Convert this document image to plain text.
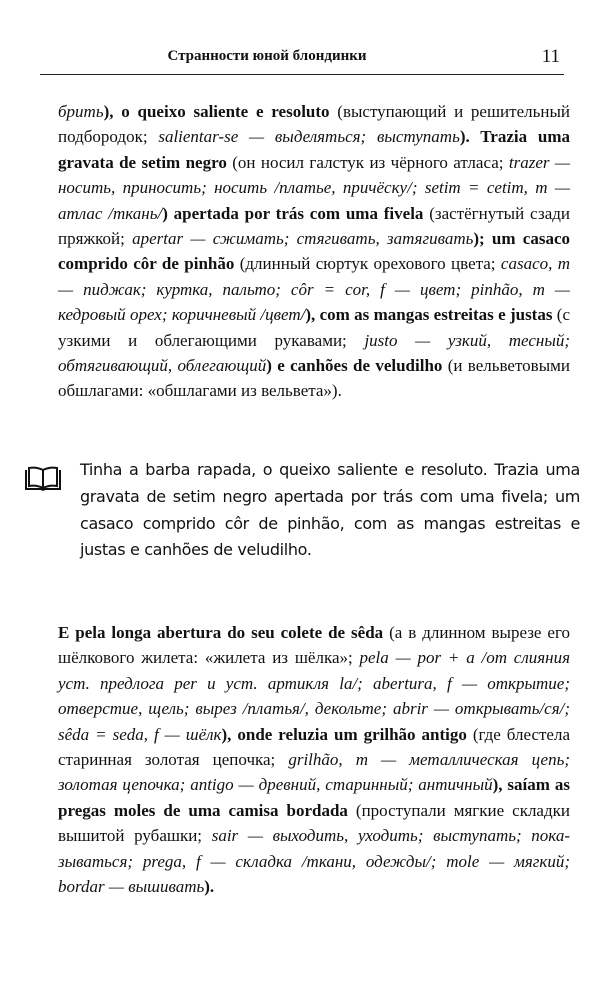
Странности юной блондинки	11
брить), o queixo saliente e resoluto (выступающий и решительный подбородок; salientar-se — выделяться; выступать). Trazia uma gravata de setim negro (он носил галстук из чёрного атласа; trazer — носить, приносить; носить /платье, причёску/; setim = cetim, m — атлас /ткань/) apertada por trás com uma fivela (застёгнутый сзади пряжкой; apertar — сжимать; стягивать, затягивать); um casaco comprido côr de pinhão (длинный сюртук орехового цвета; casaco, m — пиджак; куртка, пальто; côr = cor, f — цвет; pinhão, m — кедровый орех; коричневый /цвет/), com as mangas estreitas e justas (с узкими и облегающими рукавами; justo — узкий, тесный; обтягивающий, облегающий) e canhões de veludilho (и вельветовыми обшлагами: «обшлагами из вельвета»).
Tinha a barba rapada, o queixo saliente e resoluto. Trazia uma gravata de setim negro apertada por trás com uma fivela; um casaco comprido côr de pinhão, com as mangas estreitas e justas e canhões de veludilho.
E pela longa abertura do seu colete de sêda (а в длинном вырезе его шёлкового жилета: «жилета из шёлка»; pela — por + a /от слияния уст. предлога per и уст. артикля la/; abertura, f — открытие; отверстие, щель; вырез /платья/, декольте; abrir — открывать/ся/; sêda = seda, f — шёлк), onde reluzia um grilhão antigo (где блестела старинная золотая цепочка; grilhão, m — металлическая цепь; золотая цепочка; antigo — древний, старинный; античный), saíam as pregas moles de uma camisa bordada (проступали мягкие складки вышитой рубашки; sair — выходить, уходить; выступать; показываться; prega, f — складка /ткани, одежды/; mole — мягкий; bordar — вышивать).
